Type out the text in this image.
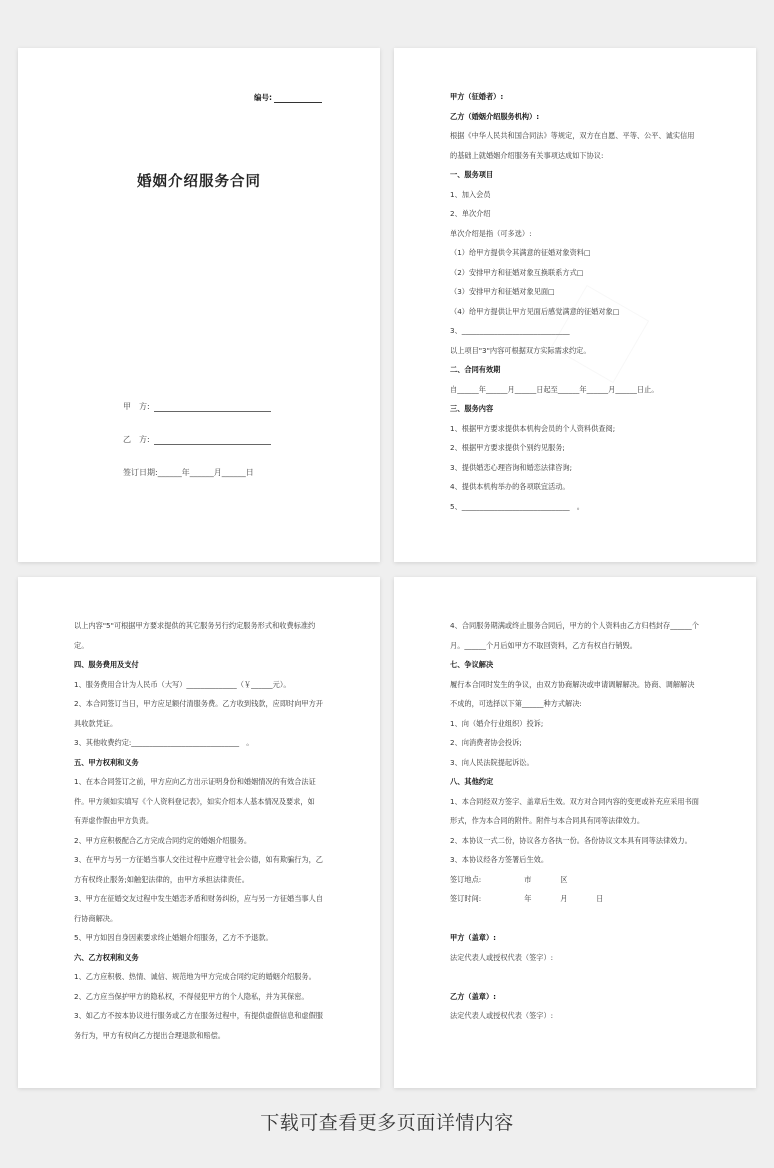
编号:
婚姻介绍服务合同
甲　方:
乙　方:
签订日期:______年______月______日
甲方（征婚者）:
乙方（婚姻介绍服务机构）:
根据《中华人民共和国合同法》等规定，双方在自愿、平等、公平、诚实信用
的基础上就婚姻介绍服务有关事项达成如下协议:
一、服务项目
1、加入会员
2、单次介绍
单次介绍是指（可多选）:
（1）给甲方提供令其满意的征婚对象资料□
（2）安排甲方和征婚对象互换联系方式□
（3）安排甲方和征婚对象见面□
（4）给甲方提供让甲方见面后感觉满意的征婚对象□
3、______________________________
以上项目"3"内容可根据双方实际需求约定。
二、合同有效期
自______年______月______日起至______年______月______日止。
三、服务内容
1、根据甲方要求提供本机构会员的个人资料供查阅;
2、根据甲方要求提供个别约见服务;
3、提供婚恋心理咨询和婚恋法律咨询;
4、提供本机构举办的各项联宜活动。
5、______________________________　。
以上内容"5"可根据甲方要求提供的其它服务另行约定服务形式和收费标准约
定。
四、服务费用及支付
1、服务费用合计为人民币（大写）______________（￥______元）。
2、本合同签订当日，甲方应足额付清服务费。乙方收到钱款，应即时向甲方开
具收款凭证。
3、其他收费约定:______________________________　。
五、甲方权利和义务
1、在本合同签订之前，甲方应向乙方出示证明身份和婚姻情况的有效合法证
件。甲方须如实填写《个人资料登记表》，如实介绍本人基本情况及要求，如
有弄虚作假由甲方负责。
2、甲方应积极配合乙方完成合同约定的婚姻介绍服务。
3、在甲方与另一方征婚当事人交往过程中应遵守社会公德，如有欺骗行为，乙
方有权终止服务;如触犯法律的，由甲方承担法律责任。
3、甲方在征婚交友过程中发生婚恋矛盾和财务纠纷，应与另一方征婚当事人自
行协商解决。
5、甲方如因自身因素要求终止婚姻介绍服务，乙方不予退款。
六、乙方权利和义务
1、乙方应积极、热情、诚信、规范地为甲方完成合同约定的婚姻介绍服务。
2、乙方应当保护甲方的隐私权，不得侵犯甲方的个人隐私，并为其保密。
3、如乙方不按本协议进行服务或乙方在服务过程中，有提供虚假信息和虚假服
务行为，甲方有权向乙方提出合理退款和赔偿。
4、合同服务期满或终止服务合同后，甲方的个人资料由乙方归档封存______个
月。______个月后如甲方不取回资料，乙方有权自行销毁。
七、争议解决
履行本合同时发生的争议，由双方协商解决或申请调解解决。协商、调解解决
不成的，可选择以下第______种方式解决:
1、向（婚介行业组织）投诉;
2、向消费者协会投诉;
3、向人民法院提起诉讼。
八、其他约定
1、本合同经双方签字、盖章后生效。双方对合同内容的变更或补充应采用书面
形式，作为本合同的附件。附件与本合同具有同等法律效力。
2、本协议一式二份，协议各方各执一份。各份协议文本具有同等法律效力。
3、本协议经各方签署后生效。
签订地点:　　　　　　市　　　　区
签订时间:　　　　　　年　　　　月　　　　日
甲方（盖章）:
法定代表人或授权代表（签字）:
乙方（盖章）:
法定代表人或授权代表（签字）:
下载可查看更多页面详情内容
